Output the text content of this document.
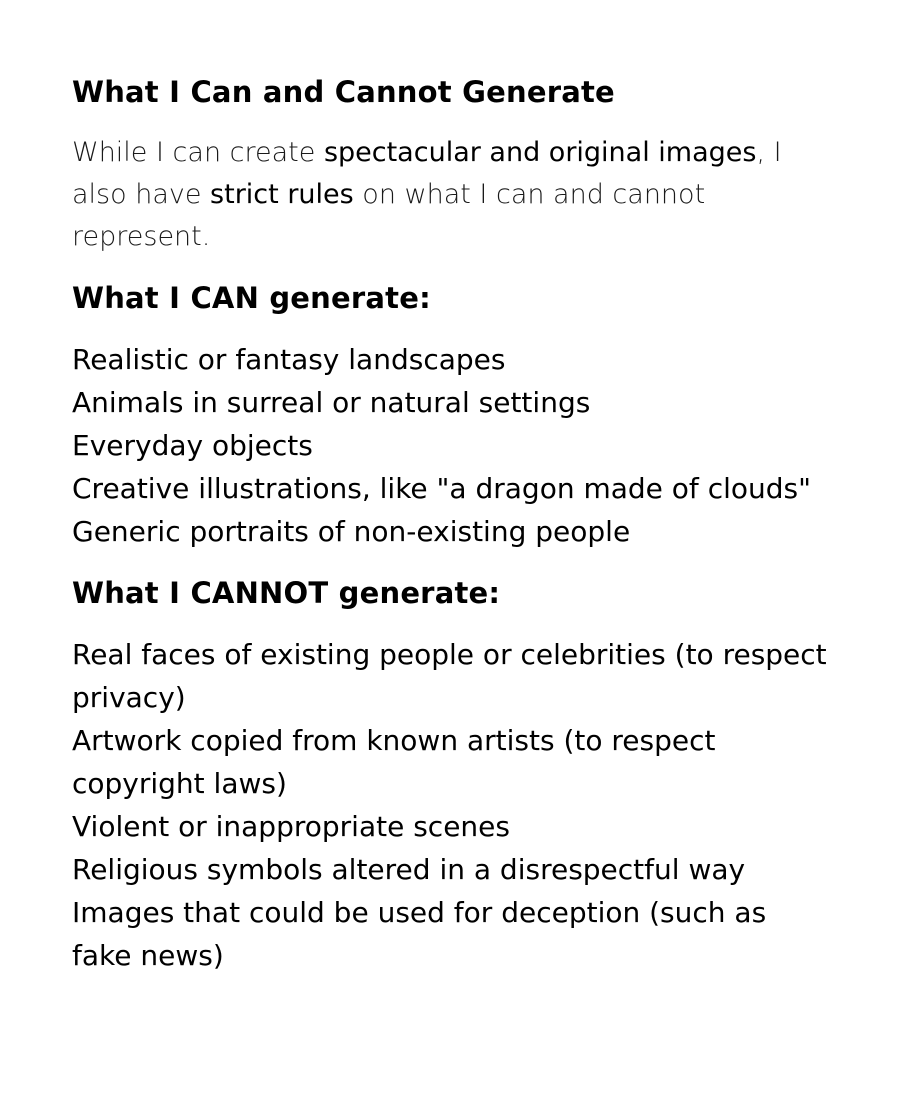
What I Can and Cannot Generate

While I can create spectacular and original images, I also have strict rules on what I can and cannot represent.

What I CAN generate:
Realistic or fantasy landscapes
Animals in surreal or natural settings
Everyday objects
Creative illustrations, like "a dragon made of clouds"
Generic portraits of non-existing people
What I CANNOT generate:
Real faces of existing people or celebrities (to respect privacy)
Artwork copied from known artists (to respect copyright laws)
Violent or inappropriate scenes
Religious symbols altered in a disrespectful way
Images that could be used for deception (such as fake news)
